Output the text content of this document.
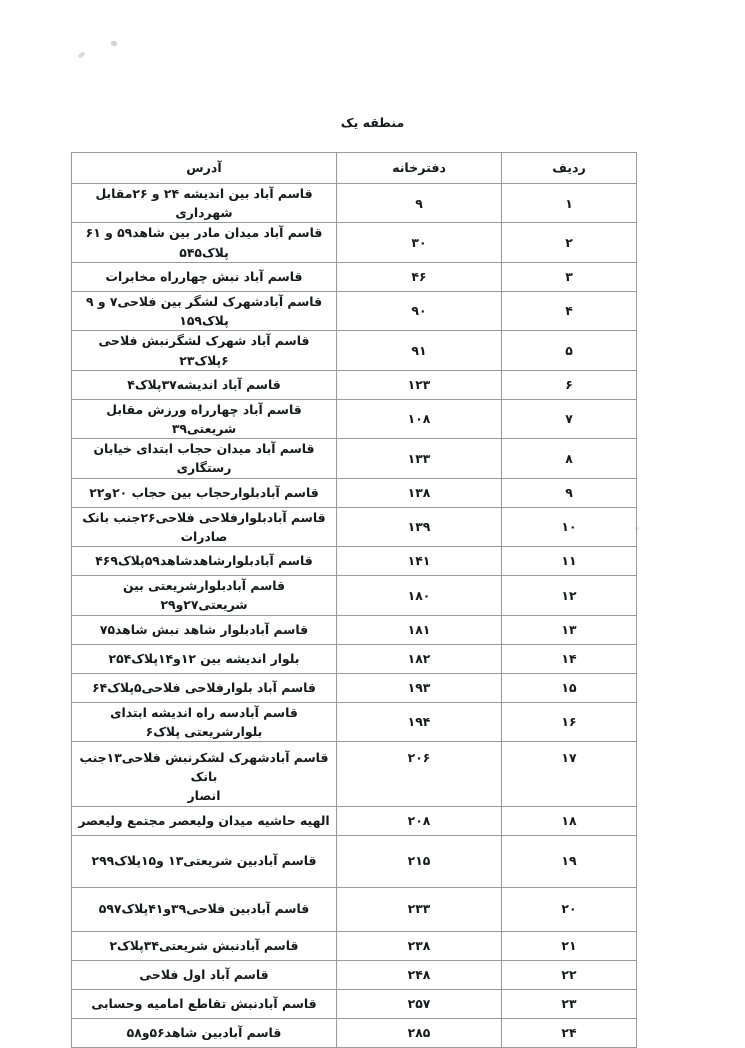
منطقه یک
ردیف	دفترخانه	آدرس
۱	۹	قاسم آباد بین اندیشه ۲۴ و ۲۶مقابل شهرداری
۲	۳۰	قاسم آباد میدان مادر بین شاهد۵۹ و ۶۱ پلاک۵۴۵
۳	۴۶	قاسم آباد نبش چهارراه مخابرات
۴	۹۰	قاسم آبادشهرک لشگر بین فلاحی۷ و ۹ پلاک۱۵۹
۵	۹۱	قاسم آباد شهرک لشگرنبش فلاحی ۶پلاک۲۳
۶	۱۲۳	قاسم آباد اندیشه۳۷پلاک۴
۷	۱۰۸	قاسم آباد چهارراه ورزش مقابل شریعتی۳۹
۸	۱۳۳	قاسم آباد میدان حجاب ابتدای خیابان رستگاری
۹	۱۳۸	قاسم آبادبلوارحجاب بین حجاب ۲۰و۲۲
۱۰	۱۳۹	قاسم آبادبلوارفلاحی فلاحی۲۶جنب بانک صادرات
۱۱	۱۴۱	قاسم آبادبلوارشاهدشاهد۵۹پلاک۴۶۹
۱۲	۱۸۰	قاسم آبادبلوارشریعتی بین شریعتی۲۷و۲۹
۱۳	۱۸۱	قاسم آبادبلوار شاهد نبش شاهد۷۵
۱۴	۱۸۲	بلوار اندیشه بین ۱۲و۱۴پلاک۲۵۴
۱۵	۱۹۳	قاسم آباد بلوارفلاحی فلاحی۵پلاک۶۴
۱۶	۱۹۴	قاسم آبادسه راه اندیشه ابتدای بلوارشریعتی پلاک۶
۱۷	۲۰۶	قاسم آبادشهرک لشکرنبش فلاحی۱۳جنب بانک
انصار

۱۸	۲۰۸	الهیه حاشیه میدان ولیعصر مجتمع ولیعصر
۱۹	۲۱۵	قاسم آبادبین شریعتی۱۳ و۱۵پلاک۲۹۹
۲۰	۲۳۳	قاسم آبادبین فلاحی۳۹و۴۱پلاک۵۹۷
۲۱	۲۳۸	قاسم آبادنبش شریعتی۳۴پلاک۲
۲۲	۲۴۸	قاسم آباد اول فلاحی
۲۳	۲۵۷	قاسم آبادنبش تقاطع امامیه وحسابی
۲۴	۲۸۵	قاسم آبادبین شاهد۵۶و۵۸
